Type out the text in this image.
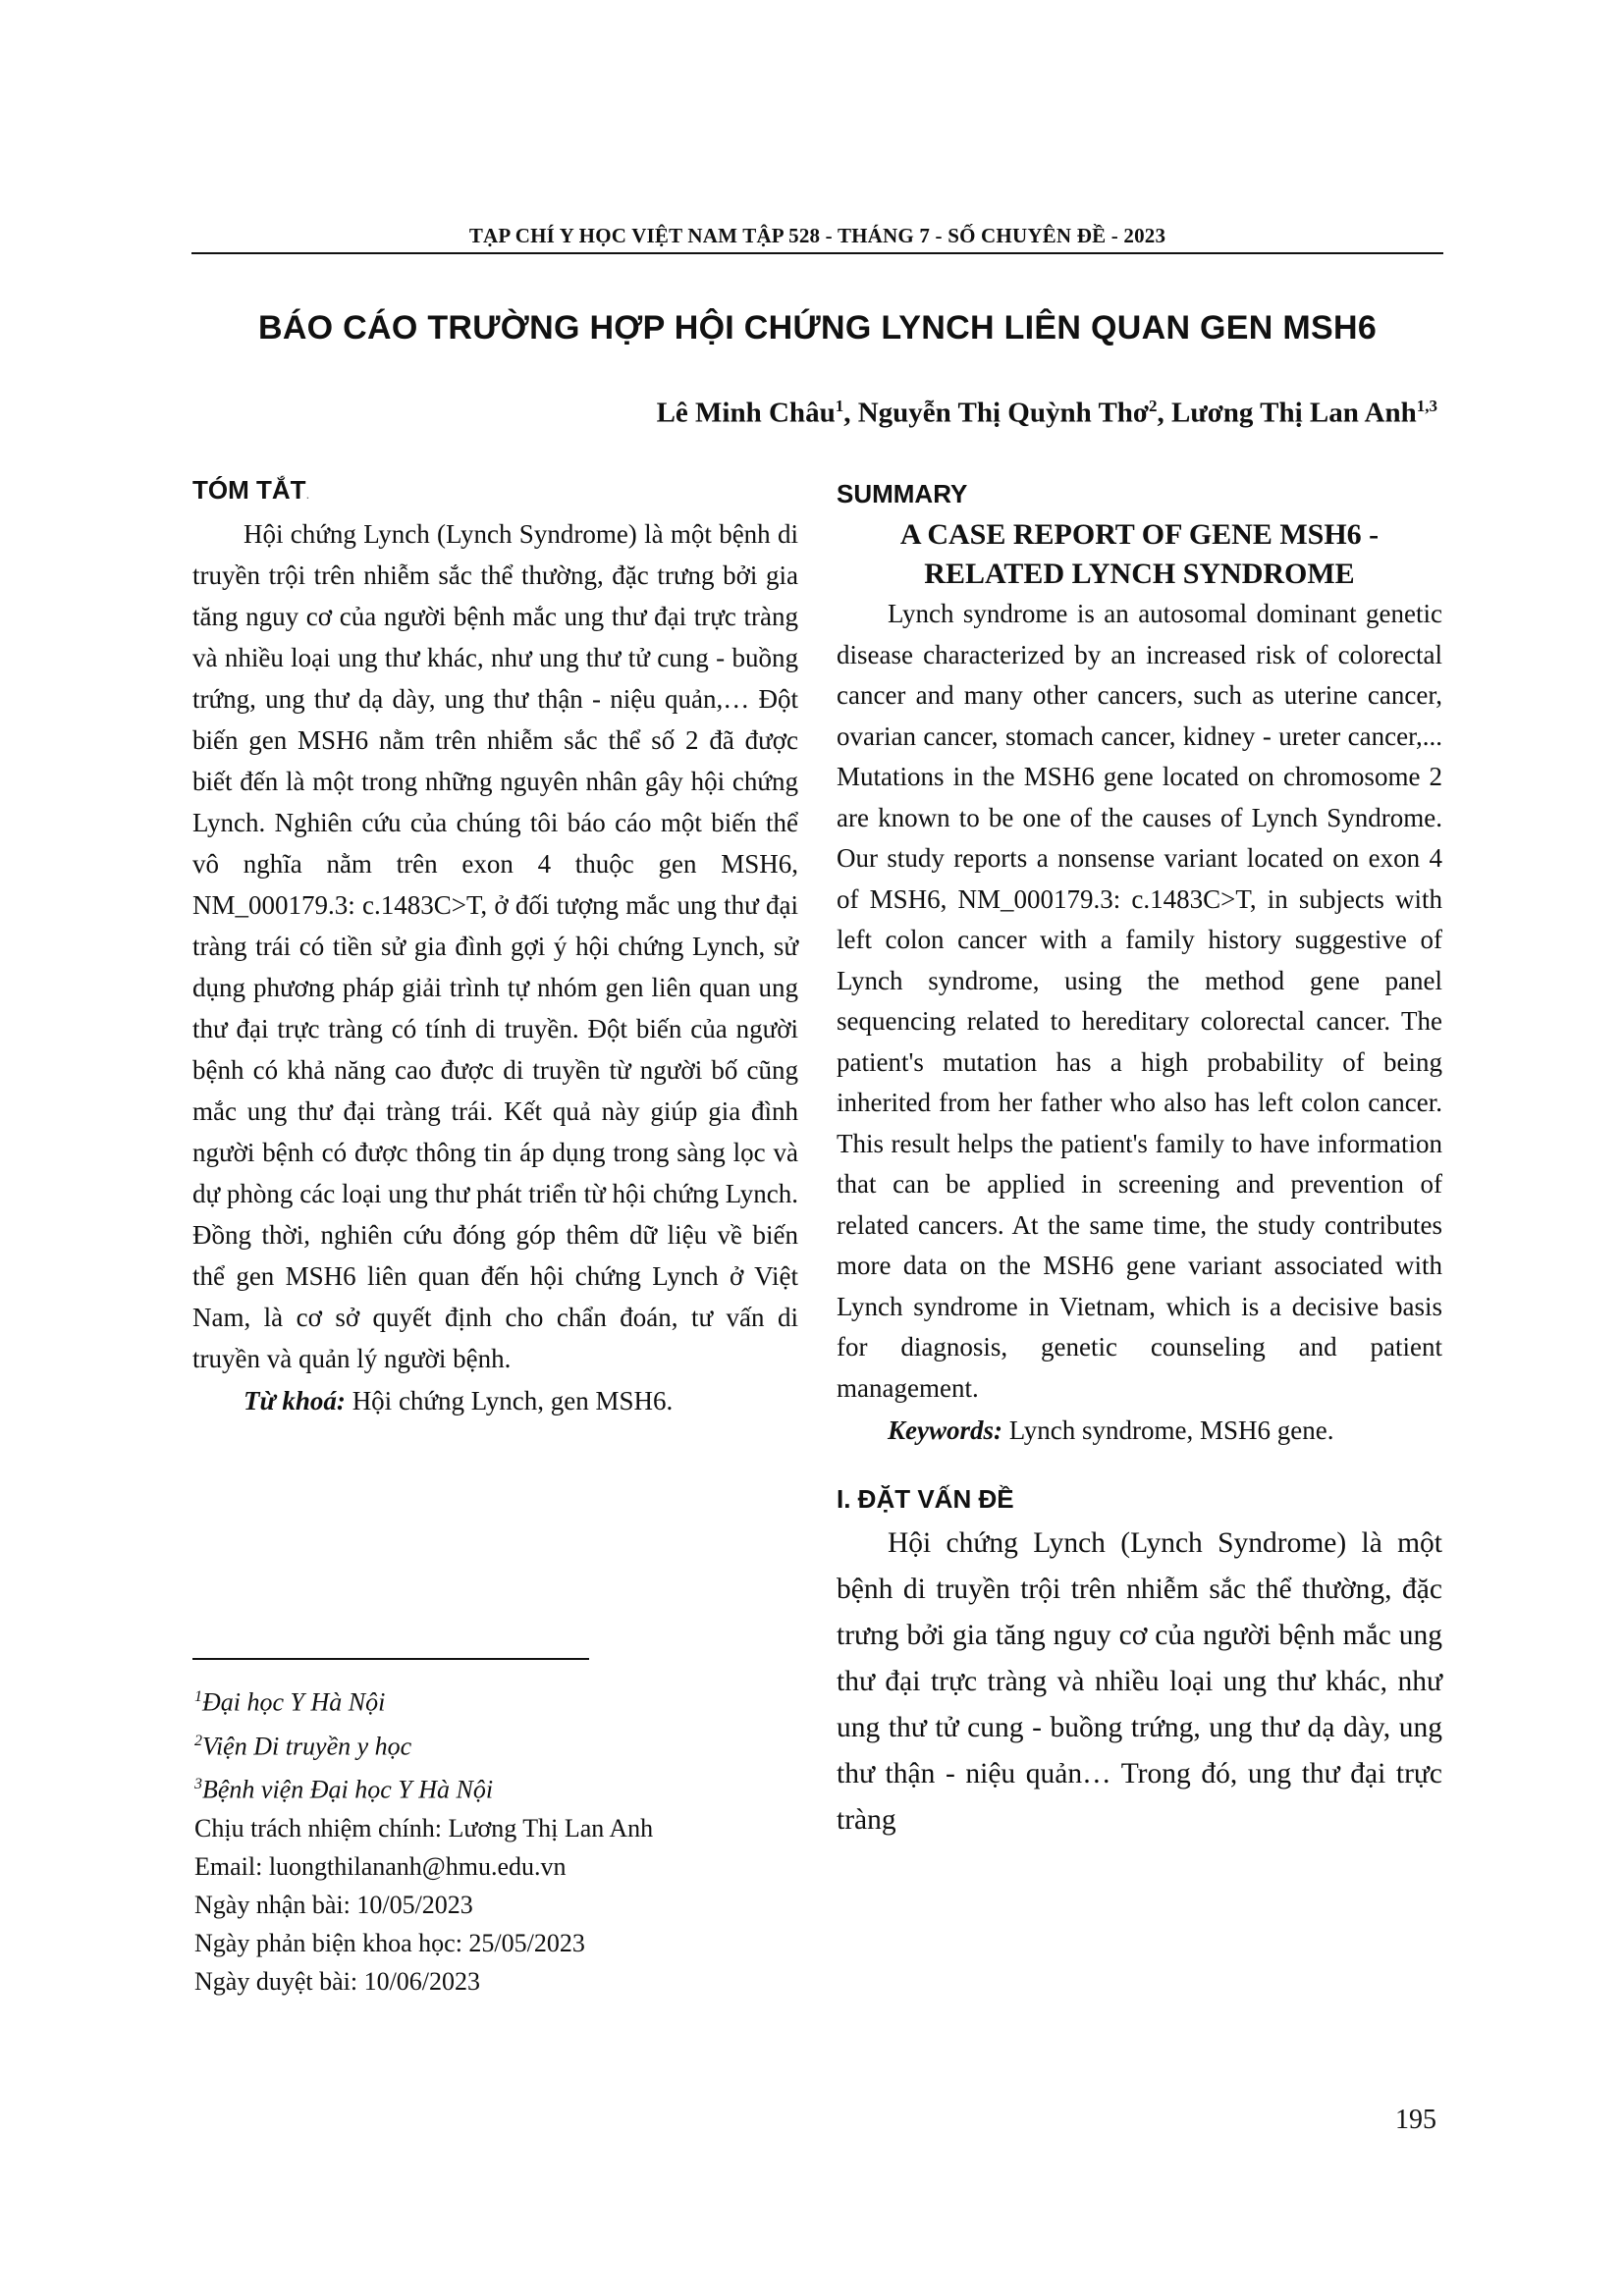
TẠP CHÍ Y HỌC VIỆT NAM TẬP 528 - THÁNG 7 - SỐ CHUYÊN ĐỀ - 2023
BÁO CÁO TRƯỜNG HỢP HỘI CHỨNG LYNCH LIÊN QUAN GEN MSH6
Lê Minh Châu$^1$, Nguyễn Thị Quỳnh Thơ$^2$, Lương Thị Lan Anh$^{1,3}$
TÓM TẮT.

Hội chứng Lynch (Lynch Syndrome) là một bệnh di truyền trội trên nhiễm sắc thể thường, đặc trưng bởi gia tăng nguy cơ của người bệnh mắc ung thư đại trực tràng và nhiều loại ung thư khác, như ung thư tử cung - buồng trứng, ung thư dạ dày, ung thư thận - niệu quản,… Đột biến gen MSH6 nằm trên nhiễm sắc thể số 2 đã được biết đến là một trong những nguyên nhân gây hội chứng Lynch. Nghiên cứu của chúng tôi báo cáo một biến thể vô nghĩa nằm trên exon 4 thuộc gen MSH6, NM_000179.3: c.1483C>T, ở đối tượng mắc ung thư đại tràng trái có tiền sử gia đình gợi ý hội chứng Lynch, sử dụng phương pháp giải trình tự nhóm gen liên quan ung thư đại trực tràng có tính di truyền. Đột biến của người bệnh có khả năng cao được di truyền từ người bố cũng mắc ung thư đại tràng trái. Kết quả này giúp gia đình người bệnh có được thông tin áp dụng trong sàng lọc và dự phòng các loại ung thư phát triển từ hội chứng Lynch. Đồng thời, nghiên cứu đóng góp thêm dữ liệu về biến thể gen MSH6 liên quan đến hội chứng Lynch ở Việt Nam, là cơ sở quyết định cho chẩn đoán, tư vấn di truyền và quản lý người bệnh.

Từ khoá: Hội chứng Lynch, gen MSH6.

$^1$Đại học Y Hà Nội
$^2$Viện Di truyền y học
$^3$Bệnh viện Đại học Y Hà Nội
Chịu trách nhiệm chính: Lương Thị Lan Anh
Email: luongthilananh@hmu.edu.vn
Ngày nhận bài: 10/05/2023
Ngày phản biện khoa học: 25/05/2023
Ngày duyệt bài: 10/06/2023
SUMMARY
A CASE REPORT OF GENE MSH6 -
RELATED LYNCH SYNDROME

Lynch syndrome is an autosomal dominant genetic disease characterized by an increased risk of colorectal cancer and many other cancers, such as uterine cancer, ovarian cancer, stomach cancer, kidney - ureter cancer,... Mutations in the MSH6 gene located on chromosome 2 are known to be one of the causes of Lynch Syndrome. Our study reports a nonsense variant located on exon 4 of MSH6, NM_000179.3: c.1483C>T, in subjects with left colon cancer with a family history suggestive of Lynch syndrome, using the method gene panel sequencing related to hereditary colorectal cancer. The patient's mutation has a high probability of being inherited from her father who also has left colon cancer. This result helps the patient's family to have information that can be applied in screening and prevention of related cancers. At the same time, the study contributes more data on the MSH6 gene variant associated with Lynch syndrome in Vietnam, which is a decisive basis for diagnosis, genetic counseling and patient management.

Keywords: Lynch syndrome, MSH6 gene.

I. ĐẶT VẤN ĐỀ

Hội chứng Lynch (Lynch Syndrome) là một bệnh di truyền trội trên nhiễm sắc thể thường, đặc trưng bởi gia tăng nguy cơ của người bệnh mắc ung thư đại trực tràng và nhiều loại ung thư khác, như ung thư tử cung - buồng trứng, ung thư dạ dày, ung thư thận - niệu quản… Trong đó, ung thư đại trực tràng

195
